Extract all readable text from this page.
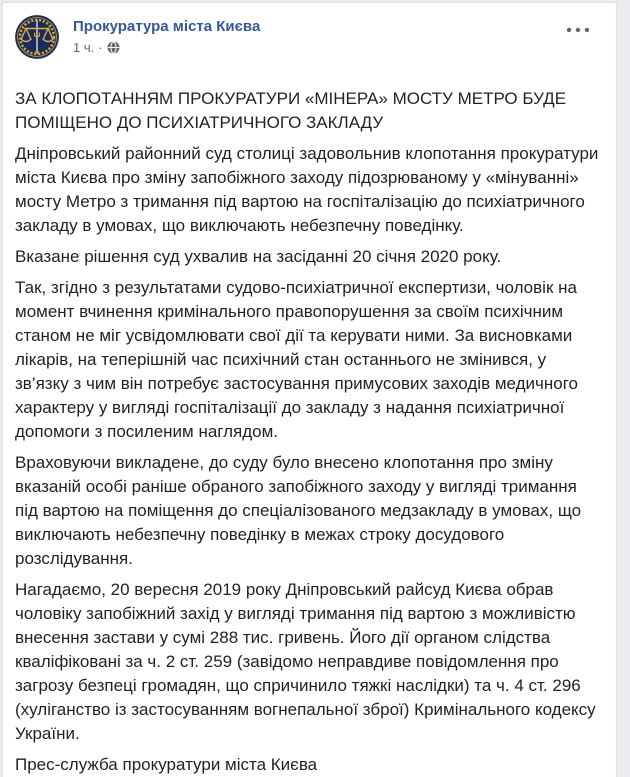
Прокуратура міста Києва
1 ч. ·

ЗА КЛОПОТАННЯМ ПРОКУРАТУРИ «МІНЕРА» МОСТУ МЕТРО БУДЕ ПОМІЩЕНО ДО ПСИХІАТРИЧНОГО ЗАКЛАДУ

Дніпровський районний суд столиці задовольнив клопотання прокуратури міста Києва про зміну запобіжного заходу підозрюваному у «мінуванні» мосту Метро з тримання під вартою на госпіталізацію до психіатричного закладу в умовах, що виключають небезпечну поведінку.

Вказане рішення суд ухвалив на засіданні 20 січня 2020 року.

Так, згідно з результатами судово-психіатричної експертизи, чоловік на момент вчинення кримінального правопорушення за своїм психічним станом не міг усвідомлювати свої дії та керувати ними. За висновками лікарів, на теперішній час психічний стан останнього не змінився, у зв’язку з чим він потребує застосування примусових заходів медичного характеру у вигляді госпіталізації до закладу з надання психіатричної допомоги з посиленим наглядом.

Враховуючи викладене, до суду було внесено клопотання про зміну вказаній особі раніше обраного запобіжного заходу у вигляді тримання під вартою на поміщення до спеціалізованого медзакладу в умовах, що виключають небезпечну поведінку в межах строку досудового розслідування.

Нагадаємо, 20 вересня 2019 року Дніпровський райсуд Києва обрав чоловіку запобіжний захід у вигляді тримання під вартою з можливістю внесення застави у сумі 288 тис. гривень. Його дії органом слідства кваліфіковані за ч. 2 ст. 259 (завідомо неправдиве повідомлення про загрозу безпеці громадян, що спричинило тяжкі наслідки) та ч. 4 ст. 296 (хуліганство із застосуванням вогнепальної зброї) Кримінального кодексу України.

Прес-служба прокуратури міста Києва
